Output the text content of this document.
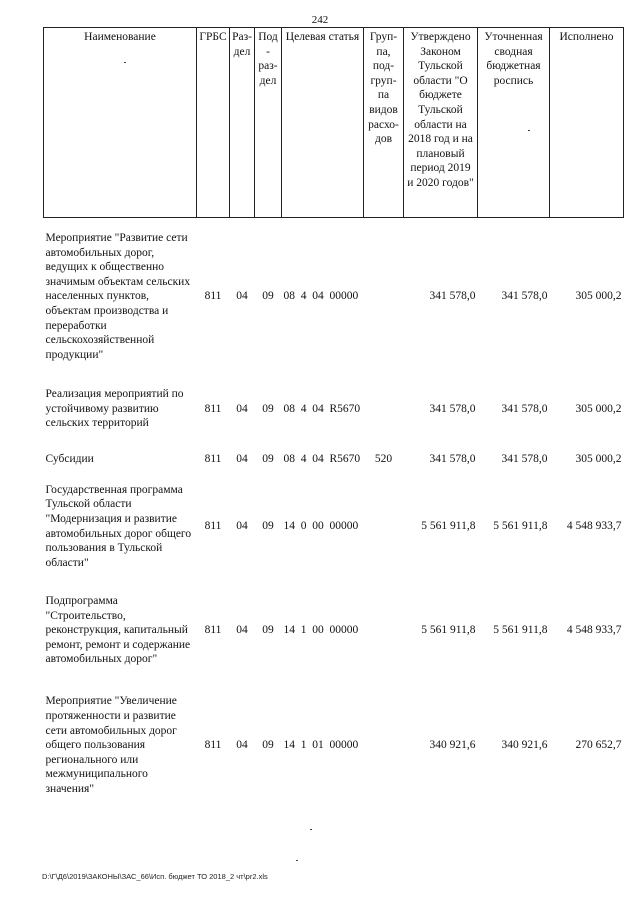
242
Наименование	ГРБС	Раз- дел	Под- раз- дел	Целевая статья	Груп- па, под- груп- па видов расхо- дов	Утверждено Законом Тульской области "О бюджете Тульской области на 2018 год и на плановый период 2019 и 2020 годов"	Уточненная сводная бюджетная роспись	Исполнено
Мероприятие "Развитие сети автомобильных дорог, ведущих к общественно значимым объектам сельских населенных пунктов, объектам производства и переработки сельскохозяйственной продукции"	811	04	09	08  4  04  00000		341 578,0	341 578,0	305 000,2
Реализация мероприятий по устойчивому развитию сельских территорий	811	04	09	08  4  04  R5670		341 578,0	341 578,0	305 000,2
Субсидии	811	04	09	08  4  04  R5670	520	341 578,0	341 578,0	305 000,2
Государственная программа Тульской области "Модернизация и развитие автомобильных дорог общего пользования в Тульской области"	811	04	09	14  0  00  00000		5 561 911,8	5 561 911,8	4 548 933,7
Подпрограмма "Строительство, реконструкция, капитальный ремонт, ремонт и содержание автомобильных дорог"	811	04	09	14  1  00  00000		5 561 911,8	5 561 911,8	4 548 933,7
Мероприятие "Увеличение протяженности и развитие сети автомобильных дорог общего пользования регионального или межмуниципального значения"	811	04	09	14  1  01  00000		340 921,6	340 921,6	270 652,7
D:\Г\Д6\2019\ЗАКОНЫ\ЗАС_66\Исп. бюджет ТО 2018_2 чт\pr2.xls
